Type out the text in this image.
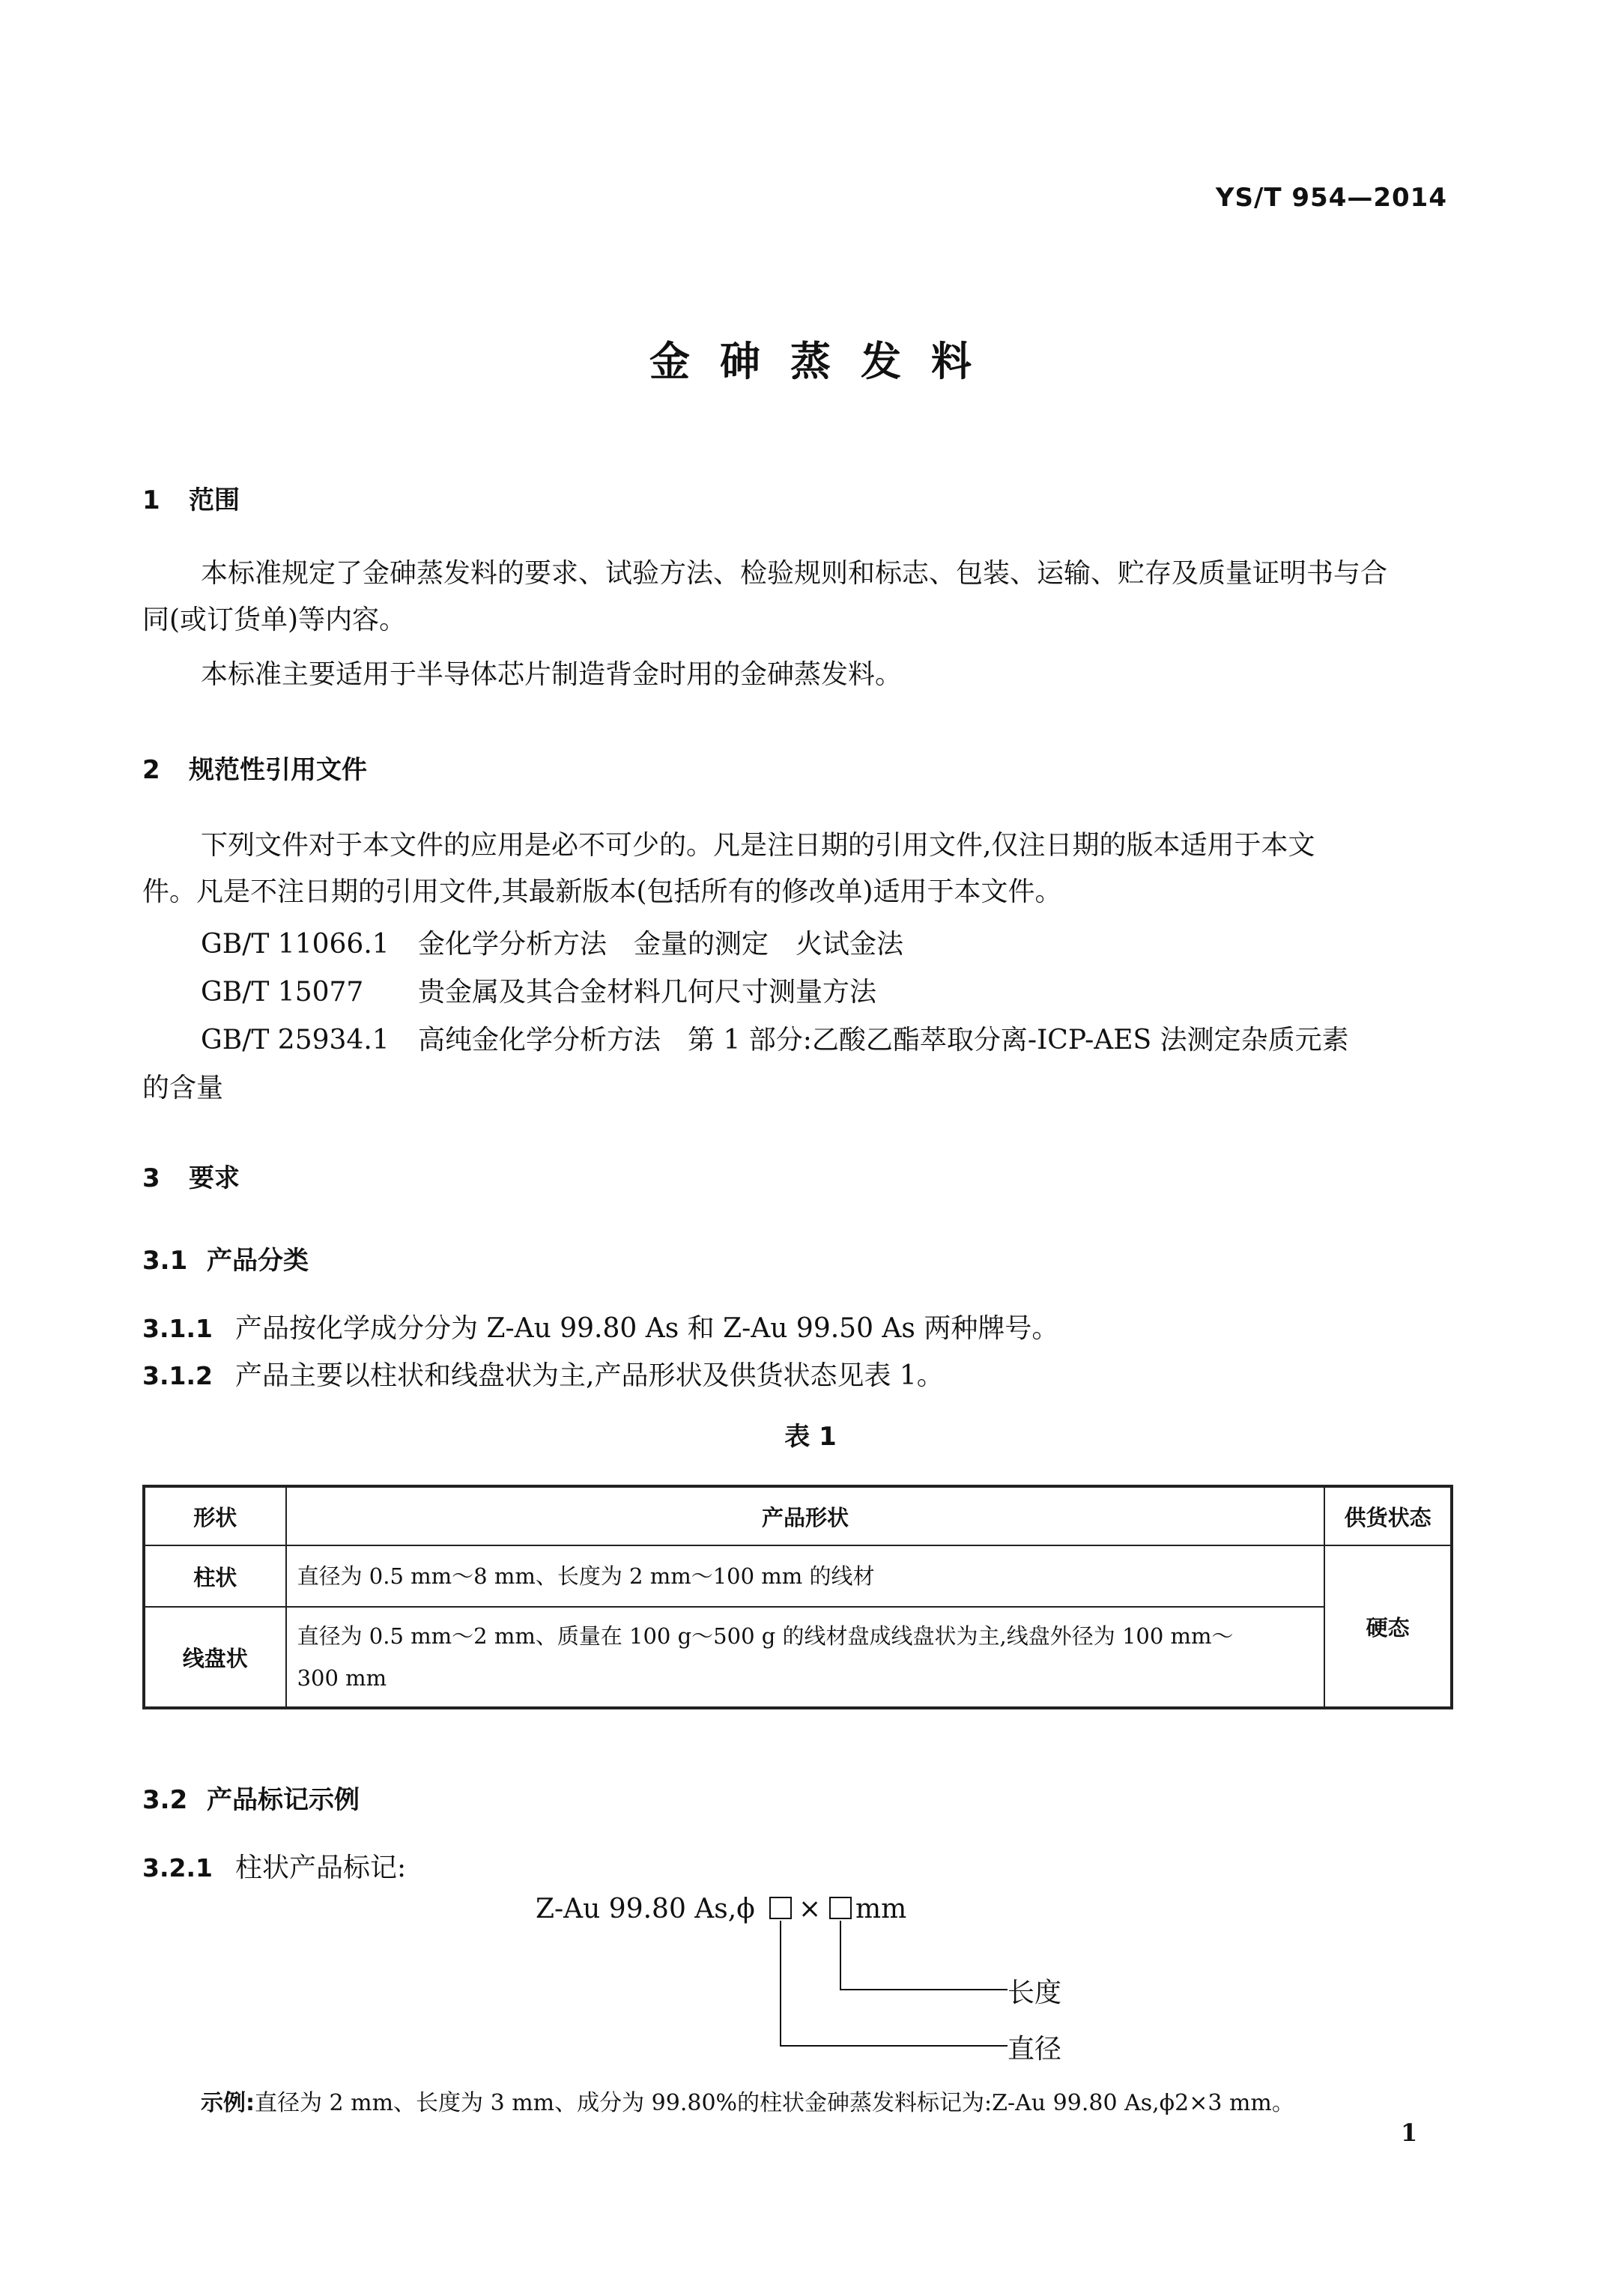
YS/T 954—2014
金砷蒸发料
1 范围
本标准规定了金砷蒸发料的要求、试验方法、检验规则和标志、包装、运输、贮存及质量证明书与合
同(或订货单)等内容。
本标准主要适用于半导体芯片制造背金时用的金砷蒸发料。
2 规范性引用文件
下列文件对于本文件的应用是必不可少的。凡是注日期的引用文件,仅注日期的版本适用于本文
件。凡是不注日期的引用文件,其最新版本(包括所有的修改单)适用于本文件。
GB/T 11066.1 金化学分析方法　金量的测定　火试金法
GB/T 15077 贵金属及其合金材料几何尺寸测量方法
GB/T 25934.1 高纯金化学分析方法　第 1 部分:乙酸乙酯萃取分离-ICP-AES 法测定杂质元素
的含量
3 要求
3.1 产品分类
3.1.1 产品按化学成分分为 Z-Au 99.80 As 和 Z-Au 99.50 As 两种牌号。
3.1.2 产品主要以柱状和线盘状为主,产品形状及供货状态见表 1。
表 1
形状	产品形状	供货状态
柱状	直径为 0.5 mm～8 mm、长度为 2 mm～100 mm 的线材	硬态
线盘状	直径为 0.5 mm～2 mm、质量在 100 g～500 g 的线材盘成线盘状为主,线盘外径为 100 mm～
300 mm	
3.2 产品标记示例
3.2.1 柱状产品标记:
Z-Au 99.80 As,ϕ × mm
长度
直径
示例:直径为 2 mm、长度为 3 mm、成分为 99.80%的柱状金砷蒸发料标记为:Z-Au 99.80 As,ϕ2×3 mm。
1
